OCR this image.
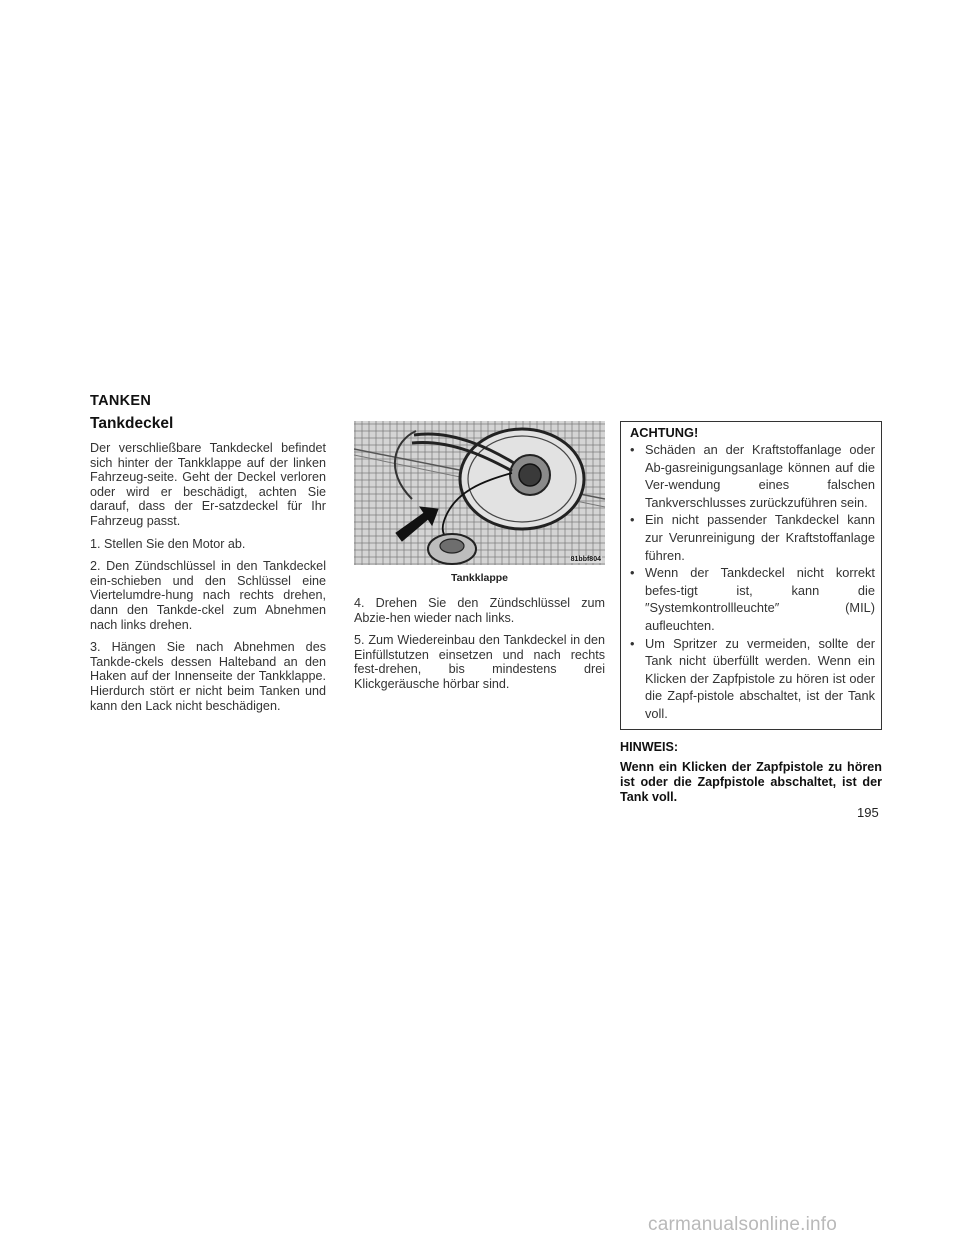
TANKEN
Tankdeckel

Der verschließbare Tankdeckel befindet sich hinter der Tankklappe auf der linken Fahrzeug-seite. Geht der Deckel verloren oder wird er beschädigt, achten Sie darauf, dass der Er-satzdeckel für Ihr Fahrzeug passt.

1. Stellen Sie den Motor ab.

2. Den Zündschlüssel in den Tankdeckel ein-schieben und den Schlüssel eine Viertelumdre-hung nach rechts drehen, dann den Tankde-ckel zum Abnehmen nach links drehen.

3. Hängen Sie nach Abnehmen des Tankde-ckels dessen Halteband an den Haken auf der Innenseite der Tankklappe. Hierdurch stört er nicht beim Tanken und kann den Lack nicht beschädigen.

81bbf804
Tankklappe

4. Drehen Sie den Zündschlüssel zum Abzie-hen wieder nach links.

5. Zum Wiedereinbau den Tankdeckel in den Einfüllstutzen einsetzen und nach rechts fest-drehen, bis mindestens drei Klickgeräusche hörbar sind.

ACHTUNG!
• Schäden an der Kraftstoffanlage oder Ab-gasreinigungsanlage können auf die Ver-wendung eines falschen Tankverschlusses zurückzuführen sein.
• Ein nicht passender Tankdeckel kann zur Verunreinigung der Kraftstoffanlage führen.
• Wenn der Tankdeckel nicht korrekt befes-tigt ist, kann die ″Systemkontrollleuchte″ (MIL) aufleuchten.
• Um Spritzer zu vermeiden, sollte der Tank nicht überfüllt werden. Wenn ein Klicken der Zapfpistole zu hören ist oder die Zapf-pistole abschaltet, ist der Tank voll.
HINWEIS:

Wenn ein Klicken der Zapfpistole zu hören ist oder die Zapfpistole abschaltet, ist der Tank voll.

195
carmanualsonline.info
